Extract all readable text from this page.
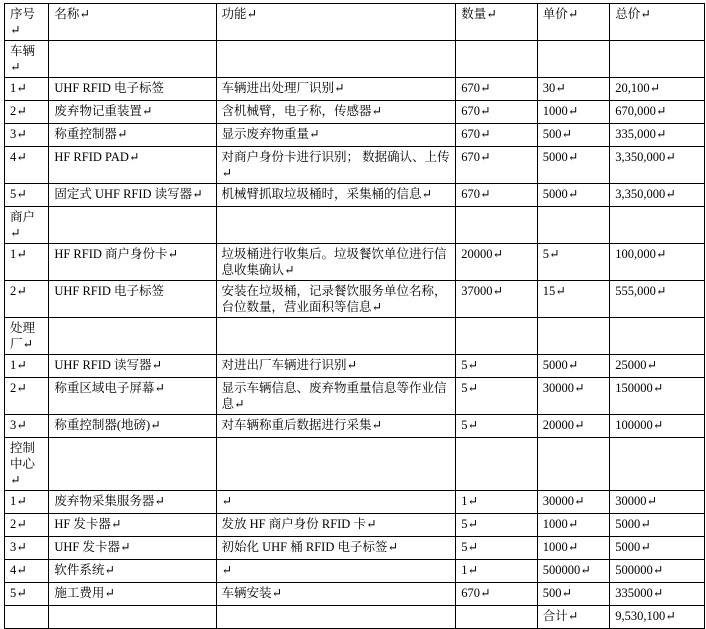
序号↵	名称↵	功能↵	数量↵	单价↵	总价↵
车辆↵					
1↵	UHF RFID 电子标签	车辆进出处理厂识别↵	670↵	30↵	20,100↵
2↵	废弃物记重装置↵	含机械臂，电子称，传感器↵	670↵	1000↵	670,000↵
3↵	称重控制器↵	显示废弃物重量↵	670↵	500↵	335,000↵
4↵	HF RFID PAD↵	对商户身份卡进行识别； 数据确认、上传↵	670↵	5000↵	3,350,000↵
5↵	固定式 UHF RFID 读写器↵	机械臂抓取垃圾桶时，采集桶的信息↵	670↵	5000↵	3,350,000↵
商户↵					
1↵	HF RFID 商户身份卡↵	垃圾桶进行收集后。垃圾餐饮单位进行信息收集确认↵	20000↵	5↵	100,000↵
2↵	UHF RFID 电子标签	安装在垃圾桶，记录餐饮服务单位名称，台位数量，营业面积等信息↵	37000↵	15↵	555,000↵
处理厂↵					
1↵	UHF RFID 读写器↵	对进出厂车辆进行识别↵	5↵	5000↵	25000↵
2↵	称重区域电子屏幕↵	显示车辆信息、废弃物重量信息等作业信息↵	5↵	30000↵	150000↵
3↵	称重控制器(地磅)↵	对车辆称重后数据进行采集↵	5↵	20000↵	100000↵
控制中心↵					
1↵	废弃物采集服务器↵	↵	1↵	30000↵	30000↵
2↵	HF 发卡器↵	发放 HF 商户身份 RFID 卡↵	5↵	1000↵	5000↵
3↵	UHF 发卡器↵	初始化 UHF 桶 RFID 电子标签↵	5↵	1000↵	5000↵
4↵	软件系统↵	↵	1↵	500000↵	500000↵
5↵	施工费用↵	车辆安装↵	670↵	500↵	335000↵
				合计↵	9,530,100↵
